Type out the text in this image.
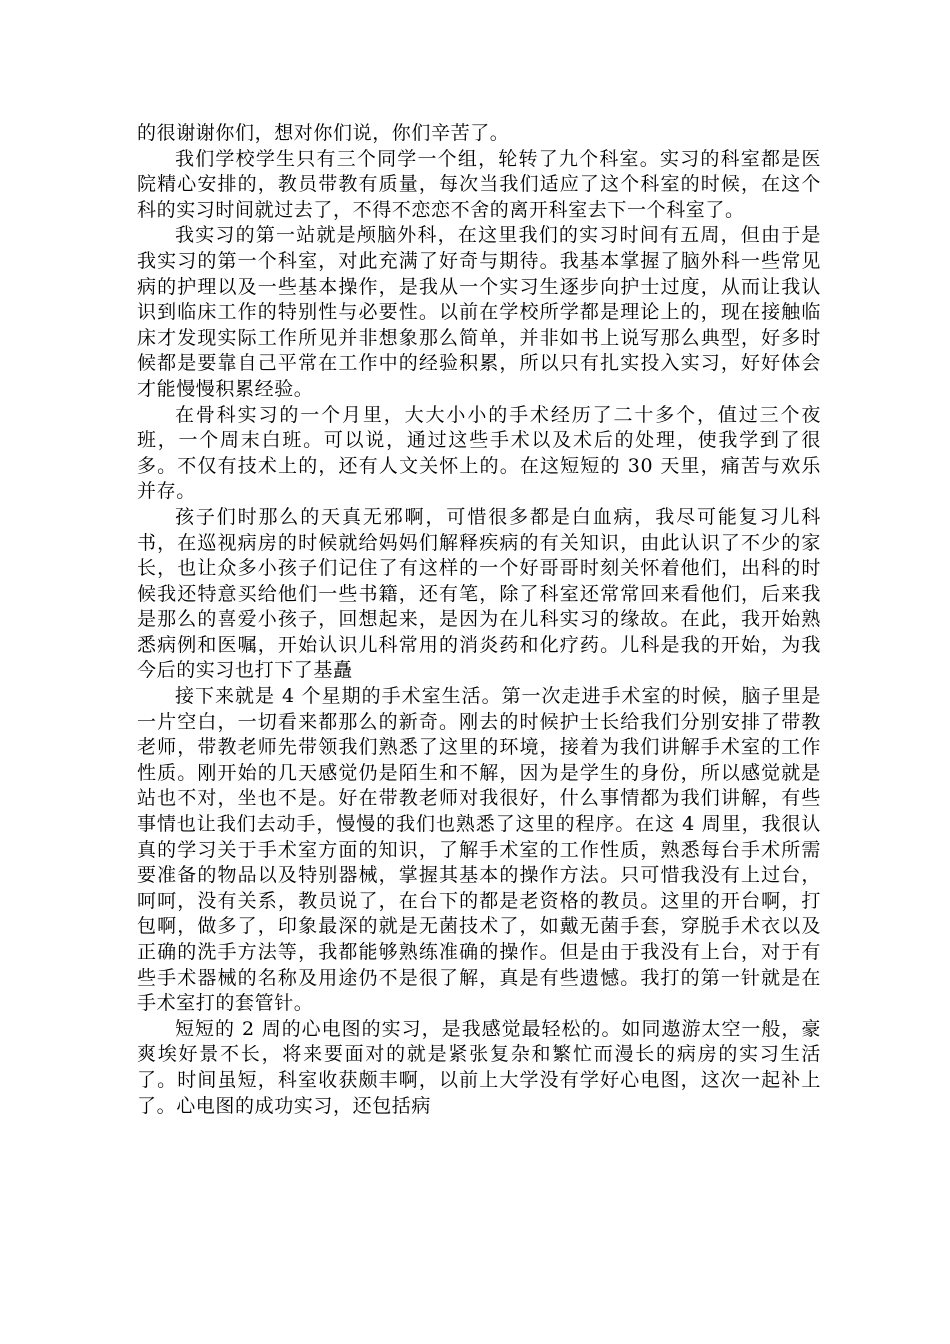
的很谢谢你们，想对你们说，你们辛苦了。

我们学校学生只有三个同学一个组，轮转了九个科室。实习的科室都是医院精心安排的，教员带教有质量，每次当我们适应了这个科室的时候，在这个科的实习时间就过去了，不得不恋恋不舍的离开科室去下一个科室了。

我实习的第一站就是颅脑外科，在这里我们的实习时间有五周，但由于是我实习的第一个科室，对此充满了好奇与期待。我基本掌握了脑外科一些常见病的护理以及一些基本操作，是我从一个实习生逐步向护士过度，从而让我认识到临床工作的特别性与必要性。以前在学校所学都是理论上的，现在接触临床才发现实际工作所见并非想象那么简单，并非如书上说写那么典型，好多时候都是要靠自己平常在工作中的经验积累，所以只有扎实投入实习，好好体会才能慢慢积累经验。

在骨科实习的一个月里，大大小小的手术经历了二十多个，值过三个夜班，一个周末白班。可以说，通过这些手术以及术后的处理，使我学到了很多。不仅有技术上的，还有人文关怀上的。在这短短的 30 天里，痛苦与欢乐并存。

孩子们时那么的天真无邪啊，可惜很多都是白血病，我尽可能复习儿科书，在巡视病房的时候就给妈妈们解释疾病的有关知识，由此认识了不少的家长，也让众多小孩子们记住了有这样的一个好哥哥时刻关怀着他们，出科的时候我还特意买给他们一些书籍，还有笔，除了科室还常常回来看他们，后来我是那么的喜爱小孩子，回想起来，是因为在儿科实习的缘故。在此，我开始熟悉病例和医嘱，开始认识儿科常用的消炎药和化疗药。儿科是我的开始，为我今后的实习也打下了基矗

接下来就是 4 个星期的手术室生活。第一次走进手术室的时候，脑子里是一片空白，一切看来都那么的新奇。刚去的时候护士长给我们分别安排了带教老师，带教老师先带领我们熟悉了这里的环境，接着为我们讲解手术室的工作性质。刚开始的几天感觉仍是陌生和不解，因为是学生的身份，所以感觉就是站也不对，坐也不是。好在带教老师对我很好，什么事情都为我们讲解，有些事情也让我们去动手，慢慢的我们也熟悉了这里的程序。在这 4 周里，我很认真的学习关于手术室方面的知识，了解手术室的工作性质，熟悉每台手术所需要准备的物品以及特别器械，掌握其基本的操作方法。只可惜我没有上过台，呵呵，没有关系，教员说了，在台下的都是老资格的教员。这里的开台啊，打包啊，做多了，印象最深的就是无菌技术了，如戴无菌手套，穿脱手术衣以及正确的洗手方法等，我都能够熟练准确的操作。但是由于我没有上台，对于有些手术器械的名称及用途仍不是很了解，真是有些遗憾。我打的第一针就是在手术室打的套管针。

短短的 2 周的心电图的实习，是我感觉最轻松的。如同遨游太空一般，豪爽埃好景不长，将来要面对的就是紧张复杂和繁忙而漫长的病房的实习生活了。时间虽短，科室收获颇丰啊，以前上大学没有学好心电图，这次一起补上了。心电图的成功实习，还包括病
